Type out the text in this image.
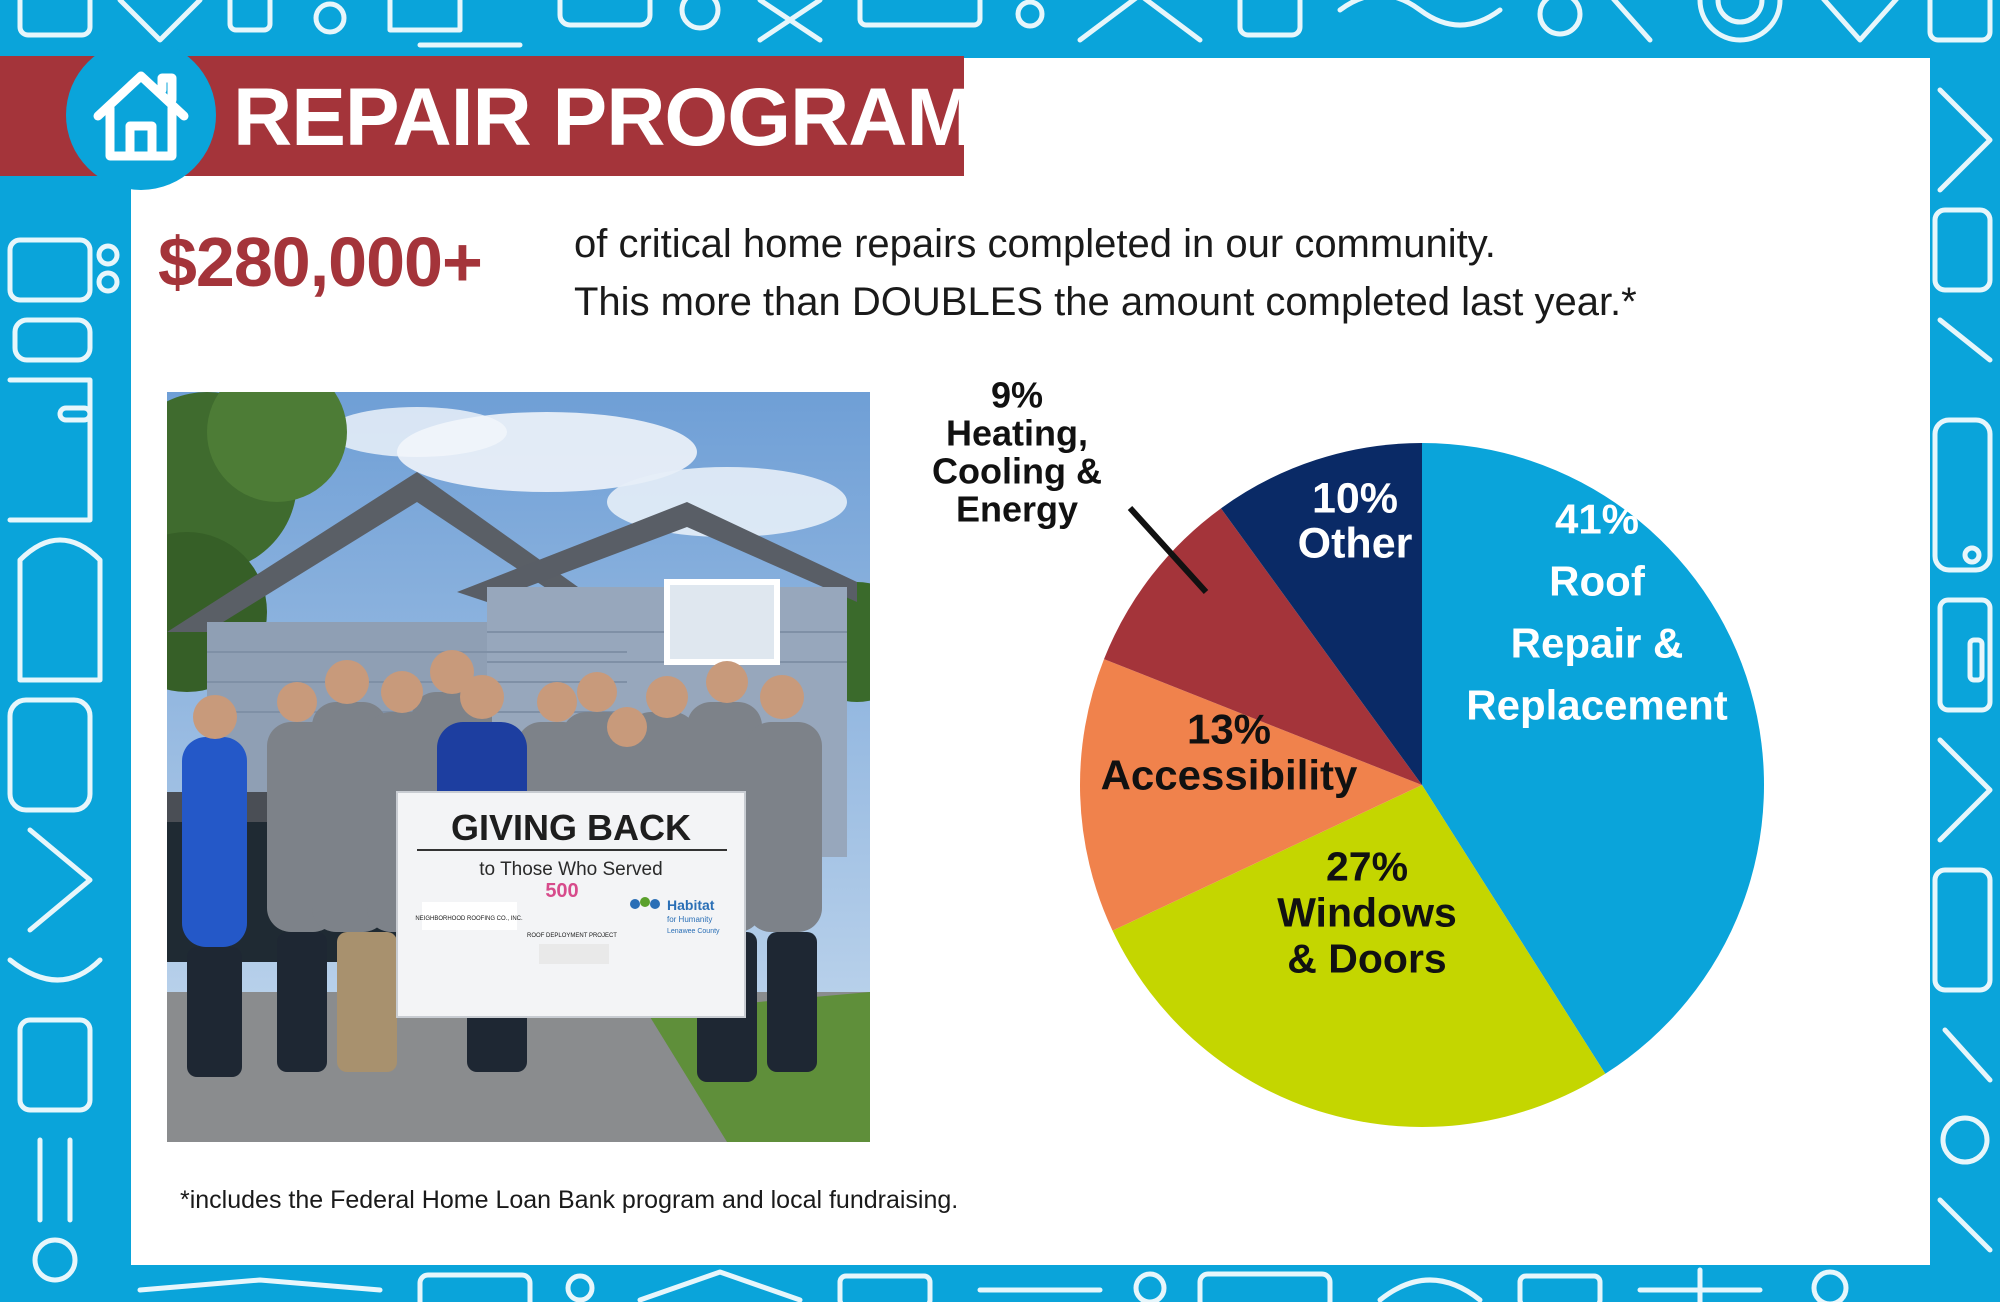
REPAIR PROGRAM
$280,000+ of critical home repairs completed in our community.
This more than DOUBLES the amount completed last year.*
GIVING BACK
to Those Who Served
NEIGHBORHOOD ROOFING CO., INC.
500
ROOF DEPLOYMENT PROJECT
Habitat
for Humanity
Lenawee County
41%
Roof
Repair &
Replacement
27%
Windows
& Doors
13%
Accessibility
9%
Heating,
Cooling &
Energy	10%
Other
*includes the Federal Home Loan Bank program and local fundraising.
